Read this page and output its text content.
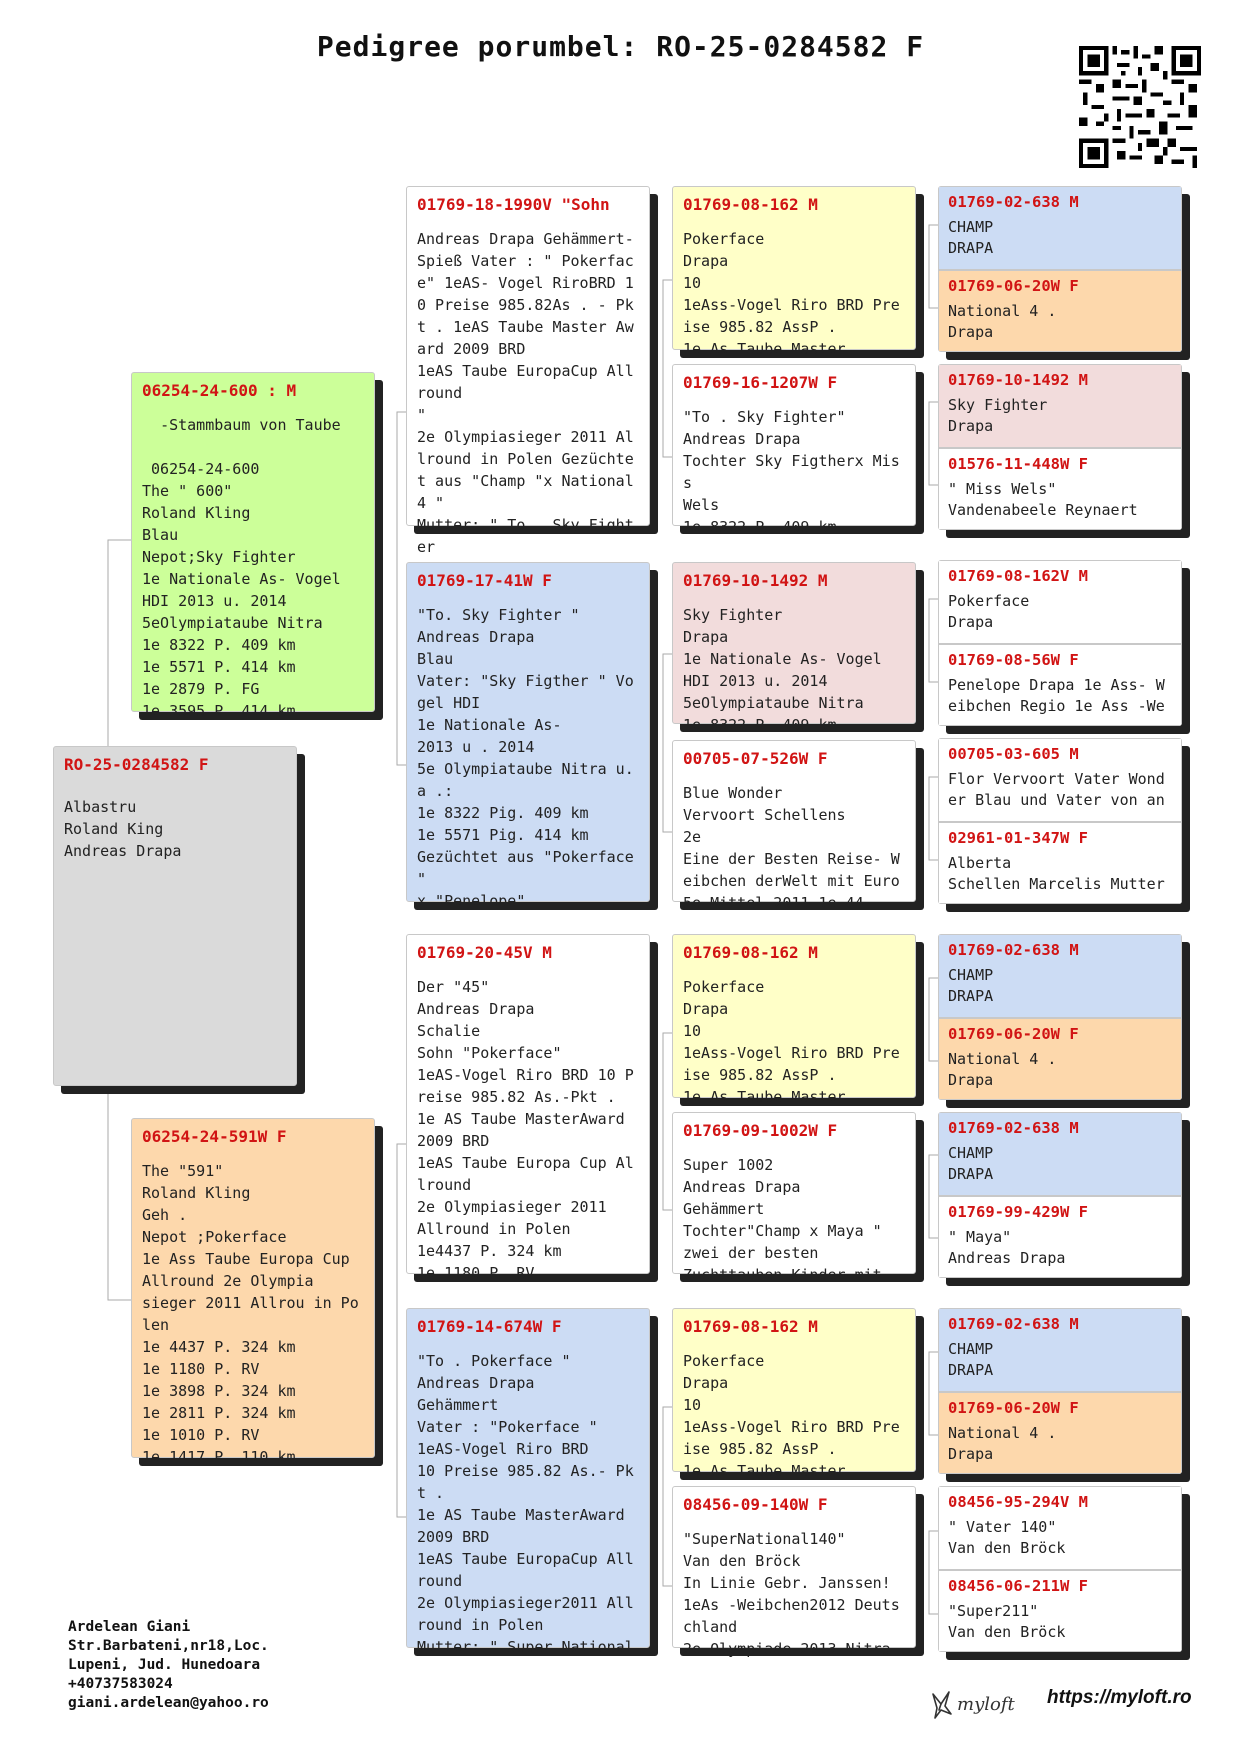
Pedigree porumbel: RO-25-0284582 F
RO-25-0284582 F
Albastru
Roland King
Andreas Drapa
06254-24-600 : M
-Stammbaum von Taube

06254-24-600
The " 600"
Roland Kling
Blau
Nepot;Sky Fighter
1e Nationale As- Vogel
HDI 2013 u. 2014
5eOlympiataube Nitra
1e 8322 P. 409 km
1e 5571 P. 414 km
1e 2879 P. FG
1e 3595 P. 414 km
06254-24-591W F
The "591"
Roland Kling
Geh .
Nepot ;Pokerface
1e Ass Taube Europa Cup
Allround 2e Olympia
sieger 2011 Allrou in Po
len
1e 4437 P. 324 km
1e 1180 P. RV
1e 3898 P. 324 km
1e 2811 P. 324 km
1e 1010 P. RV
1e 1417 P. 110 km
01769-18-1990V "Sohn
Andreas Drapa Gehämmert-Spieß Vater : " Pokerface" 1eAS- Vogel RiroBRD 10 Preise 985.82As . - Pkt . 1eAS Taube Master Award 2009 BRD
1eAS Taube EuropaCup Allround
"
2e Olympiasieger 2011 Allround in Polen Gezüchtet aus "Champ "x National 4 "
Mutter: " To . Sky Fighter
01769-17-41W F
"To. Sky Fighter "
Andreas Drapa
Blau
Vater: "Sky Figther " Vogel HDI
1e Nationale As-
2013 u . 2014
5e Olympiataube Nitra u. a .:
1e 8322 Pig. 409 km
1e 5571 Pig. 414 km
Gezüchtet aus "Pokerface
"
x "Penelope"
01769-20-45V M
Der "45"
Andreas Drapa
Schalie
Sohn "Pokerface"
1eAS-Vogel Riro BRD 10 Preise 985.82 As.-Pkt .
1e AS Taube MasterAward 2009 BRD
1eAS Taube Europa Cup Allround
2e Olympiasieger 2011
Allround in Polen
1e4437 P. 324 km
1e 1180 P. RV
01769-14-674W F
"To . Pokerface "
Andreas Drapa
Gehämmert
Vater : "Pokerface "
1eAS-Vogel Riro BRD
10 Preise 985.82 As.- Pkt .
1e AS Taube MasterAward 2009 BRD
1eAS Taube EuropaCup Allround
2e Olympiasieger2011 Allround in Polen
Mutter: " Super National
01769-08-162 M
Pokerface
Drapa
10
1eAss-Vogel Riro BRD Preise 985.82 AssP .
1e As Taube Master
01769-16-1207W F
"To . Sky Fighter"
Andreas Drapa
Tochter Sky Figtherx Miss
Wels
1e 8322 P. 409 km
01769-10-1492 M
Sky Fighter
Drapa
1e Nationale As- Vogel
HDI 2013 u. 2014
5eOlympiataube Nitra
1e 8322 P. 409 km
00705-07-526W F
Blue Wonder
Vervoort Schellens
2e
Eine der Besten Reise- Weibchen derWelt mit Euro
5e Mittel 2011 1e 44
01769-08-162 M
Pokerface
Drapa
10
1eAss-Vogel Riro BRD Preise 985.82 AssP .
1e As Taube Master
01769-09-1002W F
Super 1002
Andreas Drapa
Gehämmert
Tochter"Champ x Maya "
zwei der besten
Zuchttauben Kinder mit
01769-08-162 M
Pokerface
Drapa
10
1eAss-Vogel Riro BRD Preise 985.82 AssP .
1e As Taube Master
08456-09-140W F
"SuperNational140"
Van den Bröck
In Linie Gebr. Janssen!
1eAs -Weibchen2012 Deutschland
2e Olympiade 2013 Nitra
01769-02-638 M
CHAMP
DRAPA
01769-06-20W F
National 4 .
Drapa
01769-10-1492 M
Sky Fighter
Drapa
01576-11-448W F
" Miss Wels"
Vandenabeele Reynaert
01769-08-162V M
Pokerface
Drapa
01769-08-56W F
Penelope Drapa 1e Ass- Weibchen Regio 1e Ass -We
00705-03-605 M
Flor Vervoort Vater Wonder Blau und Vater von an
02961-01-347W F
Alberta
Schellen Marcelis Mutter
01769-02-638 M
CHAMP
DRAPA
01769-06-20W F
National 4 .
Drapa
01769-02-638 M
CHAMP
DRAPA
01769-99-429W F
" Maya"
Andreas Drapa
01769-02-638 M
CHAMP
DRAPA
01769-06-20W F
National 4 .
Drapa
08456-95-294V M
" Vater 140"
Van den Bröck
08456-06-211W F
"Super211"
Van den Bröck
Ardelean Giani
Str.Barbateni,nr18,Loc.
Lupeni, Jud. Hunedoara
+40737583024
giani.ardelean@yahoo.ro	myloft https://myloft.ro
